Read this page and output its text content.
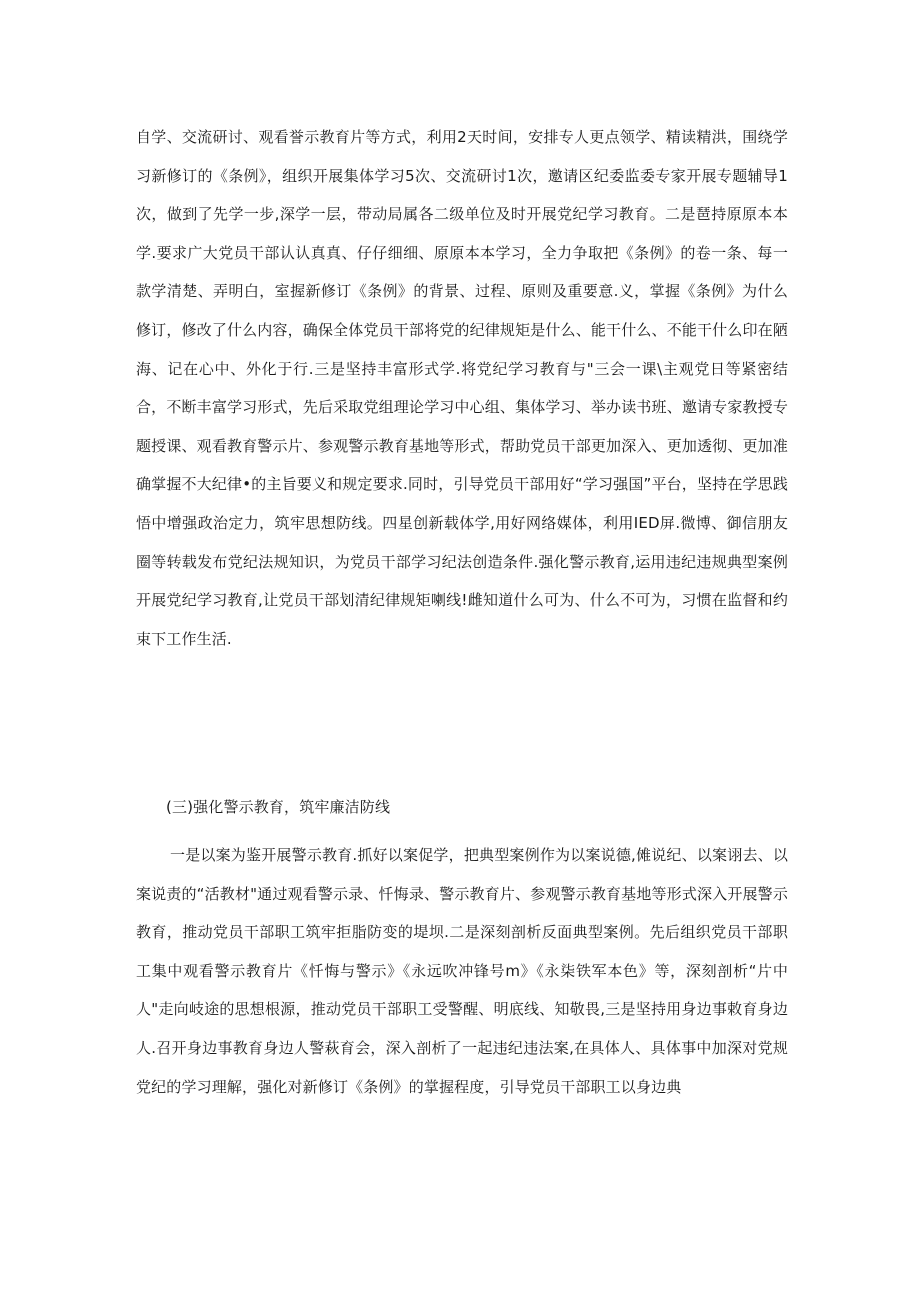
自学、交流研讨、观看誉示教育片等方式，利用2天时间，安排专人更点领学、精读精洪，围绕学习新修订的《条例》，组织开展集体学习5次、交流研讨1次，邀请区纪委监委专家开展专题辅导1次，做到了先学一步,深学一层，带动局属各二级单位及时开展党纪学习教育。二是琶持原原本本学.要求广大党员干部认认真真、仔仔细细、原原本本学习，全力争取把《条例》的卷一条、每一款学清楚、弄明白，室握新修订《条例》的背景、过程、原则及重要意.义，掌握《条例》为什么修订，修改了什么内容，确保全体党员干部将党的纪律规矩是什么、能干什么、不能干什么印在陋海、记在心中、外化于行.三是坚持丰富形式学.将党纪学习教育与"三会一课\主观党日等紧密结合，不断丰富学习形式，先后采取党组理论学习中心组、集体学习、举办读书班、邀请专家教授专题授课、观看教育警示片、参观警示教育基地等形式，帮助党员干部更加深入、更加透彻、更加准确掌握不大纪律•的主旨要义和规定要求.同时，引导党员干部用好“学习强国”平台，坚持在学思践悟中增强政治定力，筑牢思想防线。四星创新载体学,用好网络媒体，利用IED屏.微博、御信朋友圈等转载发布党纪法规知识，为党员干部学习纪法创造条件.强化警示教育,运用违纪违规典型案例开展党纪学习教育,让党员干部划清纪律规矩喇线!雌知道什么可为、什么不可为，习惯在监督和约束下工作生活.

(三)强化警示教育，筑牢廉洁防线

一是以案为鉴开展警示教育.抓好以案促学，把典型案例作为以案说德,傩说纪、以案诩去、以案说责的“活教材"通过观看警示录、忏悔录、警示教育片、参观警示教育基地等形式深入开展警示教育，推动党员干部职工筑牢拒脂防变的堤坝.二是深刻剖析反面典型案例。先后组织党员干部职工集中观看警示教育片《忏悔与警示》《永远吹冲锋号m》《永柒铁军本色》等，深刻剖析“片中人"走向岐途的思想根源，推动党员干部职工受警醒、明底线、知敬畏,三是坚持用身边事敕育身边人.召开身边事教育身边人警萩育会，深入剖析了一起违纪违法案,在具体人、具体事中加深对党规党纪的学习理解，强化对新修订《条例》的掌握程度，引导党员干部职工以身边典
